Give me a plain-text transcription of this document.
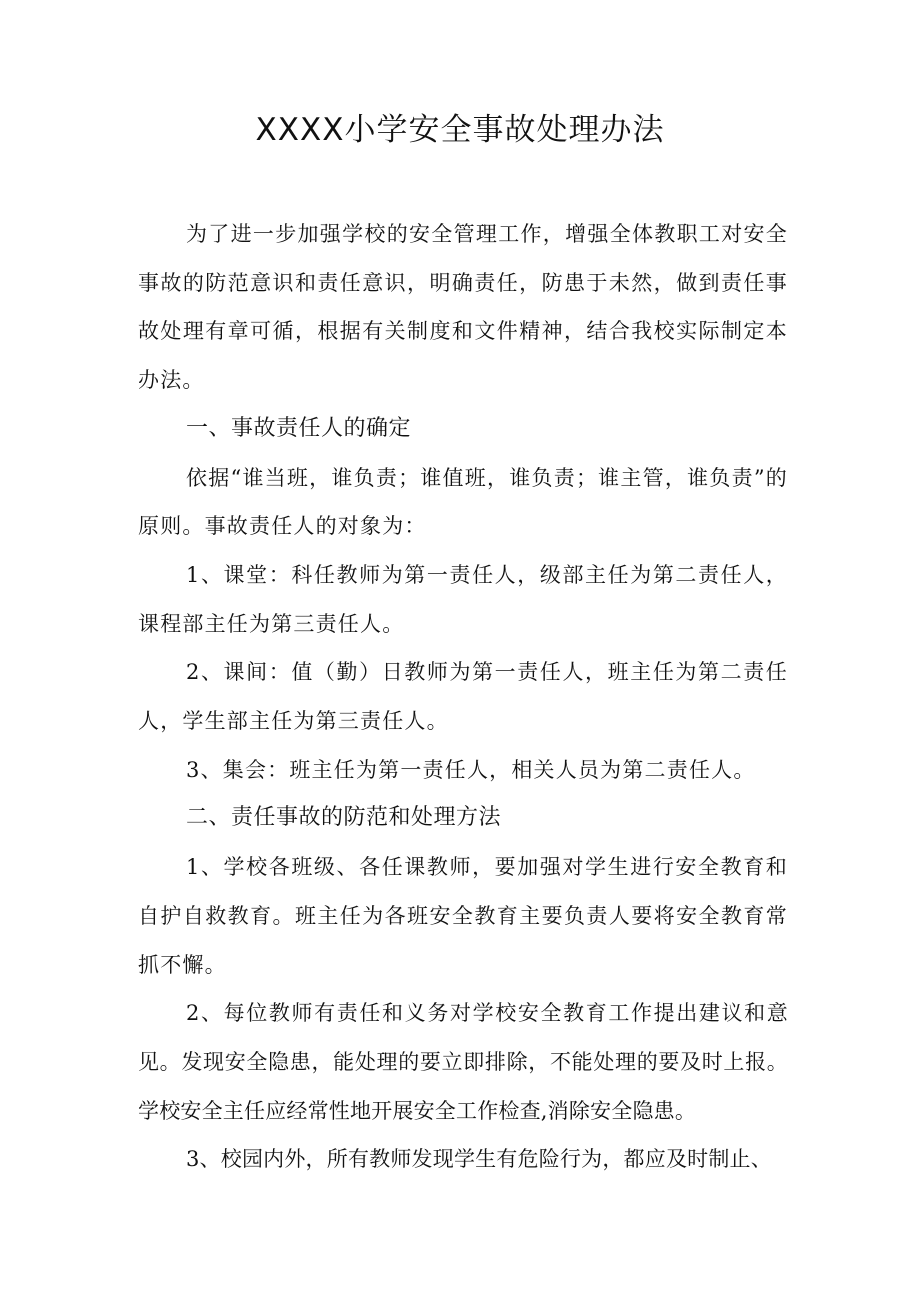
XXXX小学安全事故处理办法

为了进一步加强学校的安全管理工作，增强全体教职工对安全事故的防范意识和责任意识，明确责任，防患于未然，做到责任事故处理有章可循，根据有关制度和文件精神，结合我校实际制定本办法。

一、事故责任人的确定

依据“谁当班，谁负责；谁值班，谁负责；谁主管，谁负责”的原则。事故责任人的对象为：

1、课堂：科任教师为第一责任人，级部主任为第二责任人，课程部主任为第三责任人。

2、课间：值（勤）日教师为第一责任人，班主任为第二责任人，学生部主任为第三责任人。

3、集会：班主任为第一责任人，相关人员为第二责任人。

二、责任事故的防范和处理方法

1、学校各班级、各任课教师，要加强对学生进行安全教育和自护自救教育。班主任为各班安全教育主要负责人要将安全教育常抓不懈。

2、每位教师有责任和义务对学校安全教育工作提出建议和意见。发现安全隐患，能处理的要立即排除，不能处理的要及时上报。学校安全主任应经常性地开展安全工作检查,消除安全隐患。

3、校园内外，所有教师发现学生有危险行为，都应及时制止、
